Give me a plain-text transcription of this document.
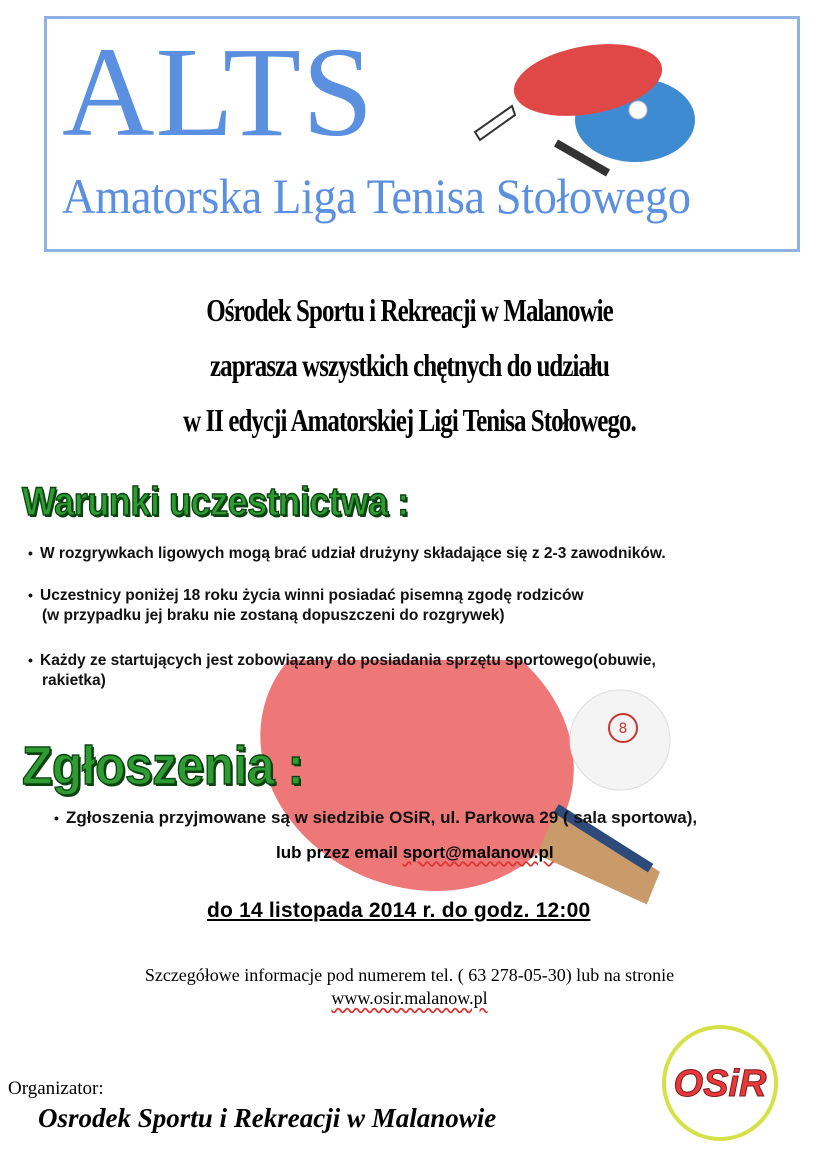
8
ALTS
Amatorska Liga Tenisa Stołowego
Ośrodek Sportu i Rekreacji w Malanowie
zaprasza wszystkich chętnych do udziału
w II edycji Amatorskiej Ligi Tenisa Stołowego.
Warunki uczestnictwa :
• W rozgrywkach ligowych mogą brać udział drużyny składające się z 2-3 zawodników.
• Uczestnicy poniżej 18 roku życia winni posiadać pisemną zgodę rodziców
(w przypadku jej braku nie zostaną dopuszczeni do rozgrywek)
• Każdy ze startujących jest zobowiązany do posiadania sprzętu sportowego(obuwie,
rakietka)
Zgłoszenia :
• Zgłoszenia przyjmowane są w siedzibie OSiR, ul. Parkowa 29 ( sala sportowa),
lub przez email sport@malanow.pl
do 14 listopada 2014 r. do godz. 12:00
Szczegółowe informacje pod numerem tel. ( 63 278-05-30) lub na stronie
www.osir.malanow.pl
Organizator:
Osrodek Sportu i Rekreacji w Malanowie
OSiR
